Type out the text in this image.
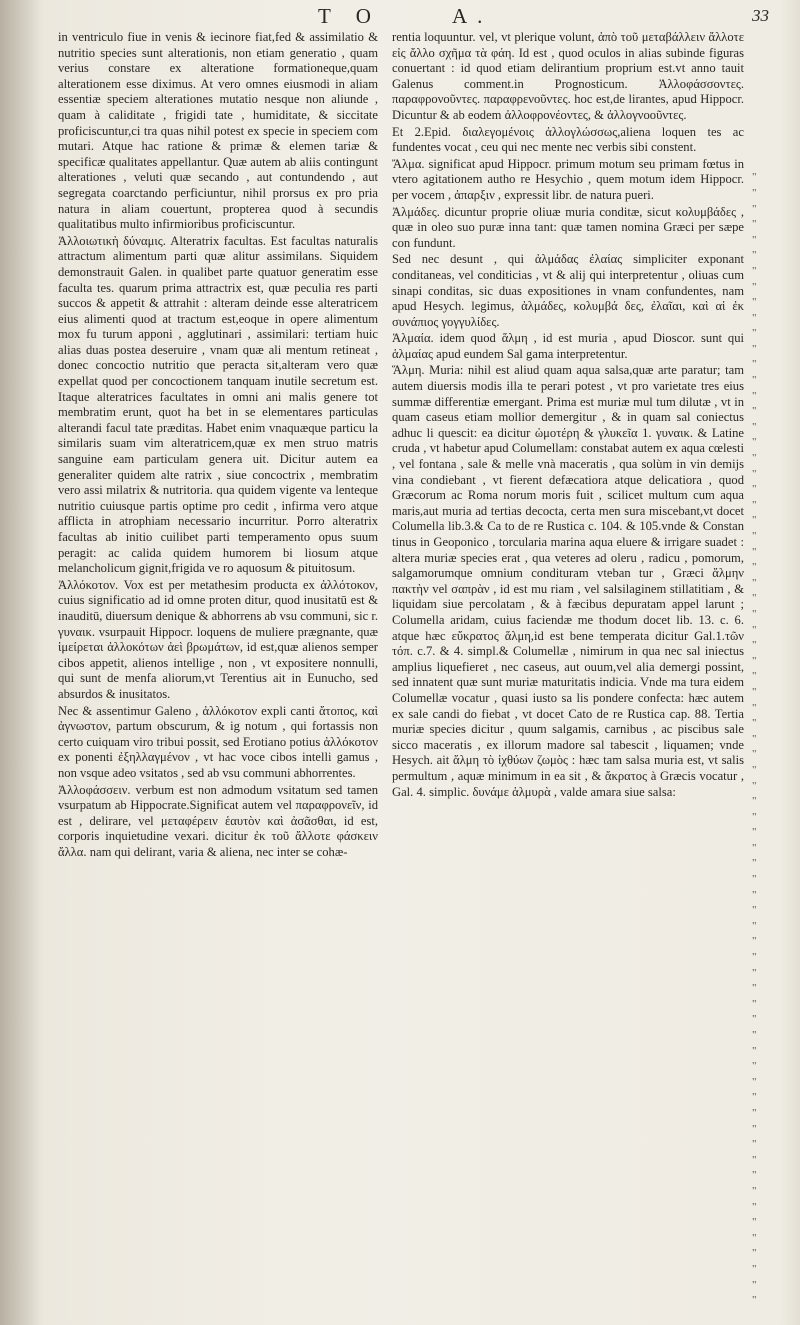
T O	A.	33

in ventriculo fiue in venis & iecinore fiat,fed & assimilatio & nutritio species sunt alterationis, non etiam generatio , quam verius constare ex alteratione formationeque,quam alterationem esse diximus. At vero omnes eiusmodi in aliam essentiæ speciem alterationes mutatio nesque non aliunde , quam à caliditate , frigidi tate , humiditate, & siccitate proficiscuntur,ci tra quas nihil potest ex specie in speciem com mutari. Atque hac ratione & primæ & elemen tariæ & specificæ qualitates appellantur. Quæ autem ab aliis contingunt alterationes , veluti quæ secando , aut contundendo , aut segregata coarctando perficiuntur, nihil prorsus ex pro pria natura in aliam couertunt, propterea quod à secundis qualitatibus multo infirmioribus proficiscuntur.

Ἀλλοιωτικὴ δύναμις. Alteratrix facultas. Est facultas naturalis attractum alimentum parti quæ alitur assimilans. Siquidem demonstrauit Galen. in qualibet parte quatuor generatim esse faculta tes. quarum prima attractrix est, quæ peculia res parti succos & appetit & attrahit : alteram deinde esse alteratricem eius alimenti quod at tractum est,eoque in opere alimentum mox fu turum apponi , agglutinari , assimilari: tertiam huic alias duas postea deseruire , vnam quæ ali mentum retineat , donec concoctio nutritio que peracta sit,alteram vero quæ expellat quod per concoctionem tanquam inutile secretum est. Itaque alteratrices facultates in omni ani malis genere tot membratim erunt, quot ha bet in se elementares particulas alterandi facul tate præditas. Habet enim vnaquæque particu la similaris suam vim alteratricem,quæ ex men struo matris sanguine eam particulam genera uit. Dicitur autem ea generaliter quidem alte ratrix , siue concoctrix , membratim vero assi milatrix & nutritoria. qua quidem vigente va lenteque nutritio cuiusque partis optime pro cedit , infirma vero atque afflicta in atrophiam necessario incurritur. Porro alteratrix facultas ab initio cuilibet parti temperamento opus suum peragit: ac calida quidem humorem bi liosum atque melancholicum gignit,frigida ve ro aquosum & pituitosum.

Ἀλλόκοτον. Vox est per metathesim producta ex ἀλλότοκον, cuius significatio ad id omne proten ditur, quod inusitatū est & inauditū, diuersum denique & abhorrens ab vsu communi, sic r. γυναικ. vsurpauit Hippocr. loquens de muliere prægnante, quæ ἱμείρεται ἀλλοκότων ἀεὶ βρωμάτων, id est,quæ alienos semper cibos appetit, alienos intellige , non , vt expositere nonnulli, qui sunt de menfa aliorum,vt Terentius ait in Eunucho, sed absurdos & inusitatos.

Nec & assentimur Galeno , ἀλλόκοτον expli canti ἄτοπος, καὶ ἀγνωστον, partum obscurum, & ig notum , qui fortassis non certo cuiquam viro tribui possit, sed Erotiano potius ἀλλόκοτον ex ponenti ἐξηλλαγμένον , vt hac voce cibos intelli gamus , non vsque adeo vsitatos , sed ab vsu communi abhorrentes.

Ἀλλοφάσσειν. verbum est non admodum vsitatum sed tamen vsurpatum ab Hippocrate.Significat autem vel παραφρονεῖν, id est , delirare, vel μεταφέρειν ἑαυτὸν καὶ ἀσᾶσθαι, id est, corporis inquietudine vexari. dicitur ἐκ τοῦ ἄλλοτε φάσκειν ἄλλα. nam qui delirant, varia & aliena, nec inter se cohæ-

rentia loquuntur. vel, vt plerique volunt, ἀπὸ τοῦ μεταβάλλειν ἄλλοτε εἰς ἄλλο σχῆμα τὰ φάη. Id est , quod oculos in alias subinde figuras conuertant : id quod etiam delirantium proprium est.vt anno tauit Galenus comment.in Prognosticum. Ἀλλοφάσσοντες. παραφρονοῦντες. παραφρενοῦντες. hoc est,de lirantes, apud Hippocr. Dicuntur & ab eodem ἀλλοφρονέοντες, & ἀλλογνοοῦντες.

Et 2.Epid. διαλεγομένοις ἀλλογλώσσως,aliena loquen tes ac fundentes vocat , ceu qui nec mente nec verbis sibi constent.

Ἄλμα. significat apud Hippocr. primum motum seu primam fœtus in vtero agitationem autho re Hesychio , quem motum idem Hippocr. per vocem , ἀπαρξιν , expressit libr. de natura pueri.

Ἀλμάδες. dicuntur proprie oliuæ muria conditæ, sicut κολυμβάδες , quæ in oleo suo puræ inna tant: quæ tamen nomina Græci per sæpe con fundunt.

Sed nec desunt , qui ἀλμάδας ἐλαίας simpliciter exponant conditaneas, vel conditicias , vt & alij qui interpretentur , oliuas cum sinapi conditas, sic duas expositiones in vnam confundentes, nam apud Hesych. legimus, ἀλμάδες, κολυμβά δες, ἐλαῖαι, καὶ αἱ ἐκ συνάπιος γογγυλίδες.

Ἁλμαία. idem quod ἅλμη , id est muria , apud Dioscor. sunt qui ἁλμαίας apud eundem Sal gama interpretentur.

Ἅλμη. Muria: nihil est aliud quam aqua salsa,quæ arte paratur; tam autem diuersis modis illa te perari potest , vt pro varietate tres eius summæ differentiæ emergant. Prima est muriæ mul tum dilutæ , vt in quam caseus etiam mollior demergitur , & in quam sal coniectus adhuc li quescit: ea dicitur ὠμοτέρη & γλυκεῖα 1. γυναικ. & Latine cruda , vt habetur apud Columellam: constabat autem ex aqua cœlesti , vel fontana , sale & melle vnà maceratis , qua solùm in vin demijs vina condiebant , vt fierent defæcatiora atque delicatiora , quod Græcorum ac Roma norum moris fuit , scilicet multum cum aqua maris,aut muria ad tertias decocta, certa men sura miscebant,vt docet Columella lib.3.& Ca to de re Rustica c. 104. & 105.vnde & Constan tinus in Geoponico , torcularia marina aqua eluere & irrigare suadet : altera muriæ species erat , qua veteres ad oleru , radicu , pomorum, salgamorumque omnium condituram vteban tur , Græci ἅλμην πακτὴν vel σαπρὰν , id est mu riam , vel salsilaginem stillatitiam , & liquidam siue percolatam , & à fæcibus depuratam appel larunt ; Columella aridam, cuius faciendæ me thodum docet lib. 13. c. 6. atque hæc εὔκρατος ἅλμη,id est bene temperata dicitur Gal.1.τῶν τόπ. c.7. & 4. simpl.& Columellæ , nimirum in qua nec sal iniectus amplius liquefieret , nec caseus, aut ouum,vel alia demergi possint, sed innatent quæ sunt muriæ maturitatis indicia. Vnde ma tura eidem Columellæ vocatur , quasi iusto sa lis pondere confecta: hæc autem ex sale candi do fiebat , vt docet Cato de re Rustica cap. 88. Tertia muriæ species dicitur , quum salgamis, carnibus , ac piscibus sale sicco maceratis , ex illorum madore sal tabescit , liquamen; vnde Hesych. ait ἅλμη τὸ ἰχθύων ζωμὸς : hæc tam salsa muria est, vt salis permultum , aquæ minimum in ea sit , & ἄκρατος à Græcis vocatur , Gal. 4. simplic. δυνάμε ἁλμυρὰ , valde amara siue salsa:

"
"
"
"
"
"
"
"
"
"
"
"
"
"
"
"
"
"
"
"
"
"
"
"
"
"
"
"
"
"
"
"
"
"
"
"
"
"
"
"
"
"
"
"
"
"
"
"
"
"
"
"
"
"
"
"
"
"
"
"
"
"
"
"
"
"
"
"
"
"
"
"
"
